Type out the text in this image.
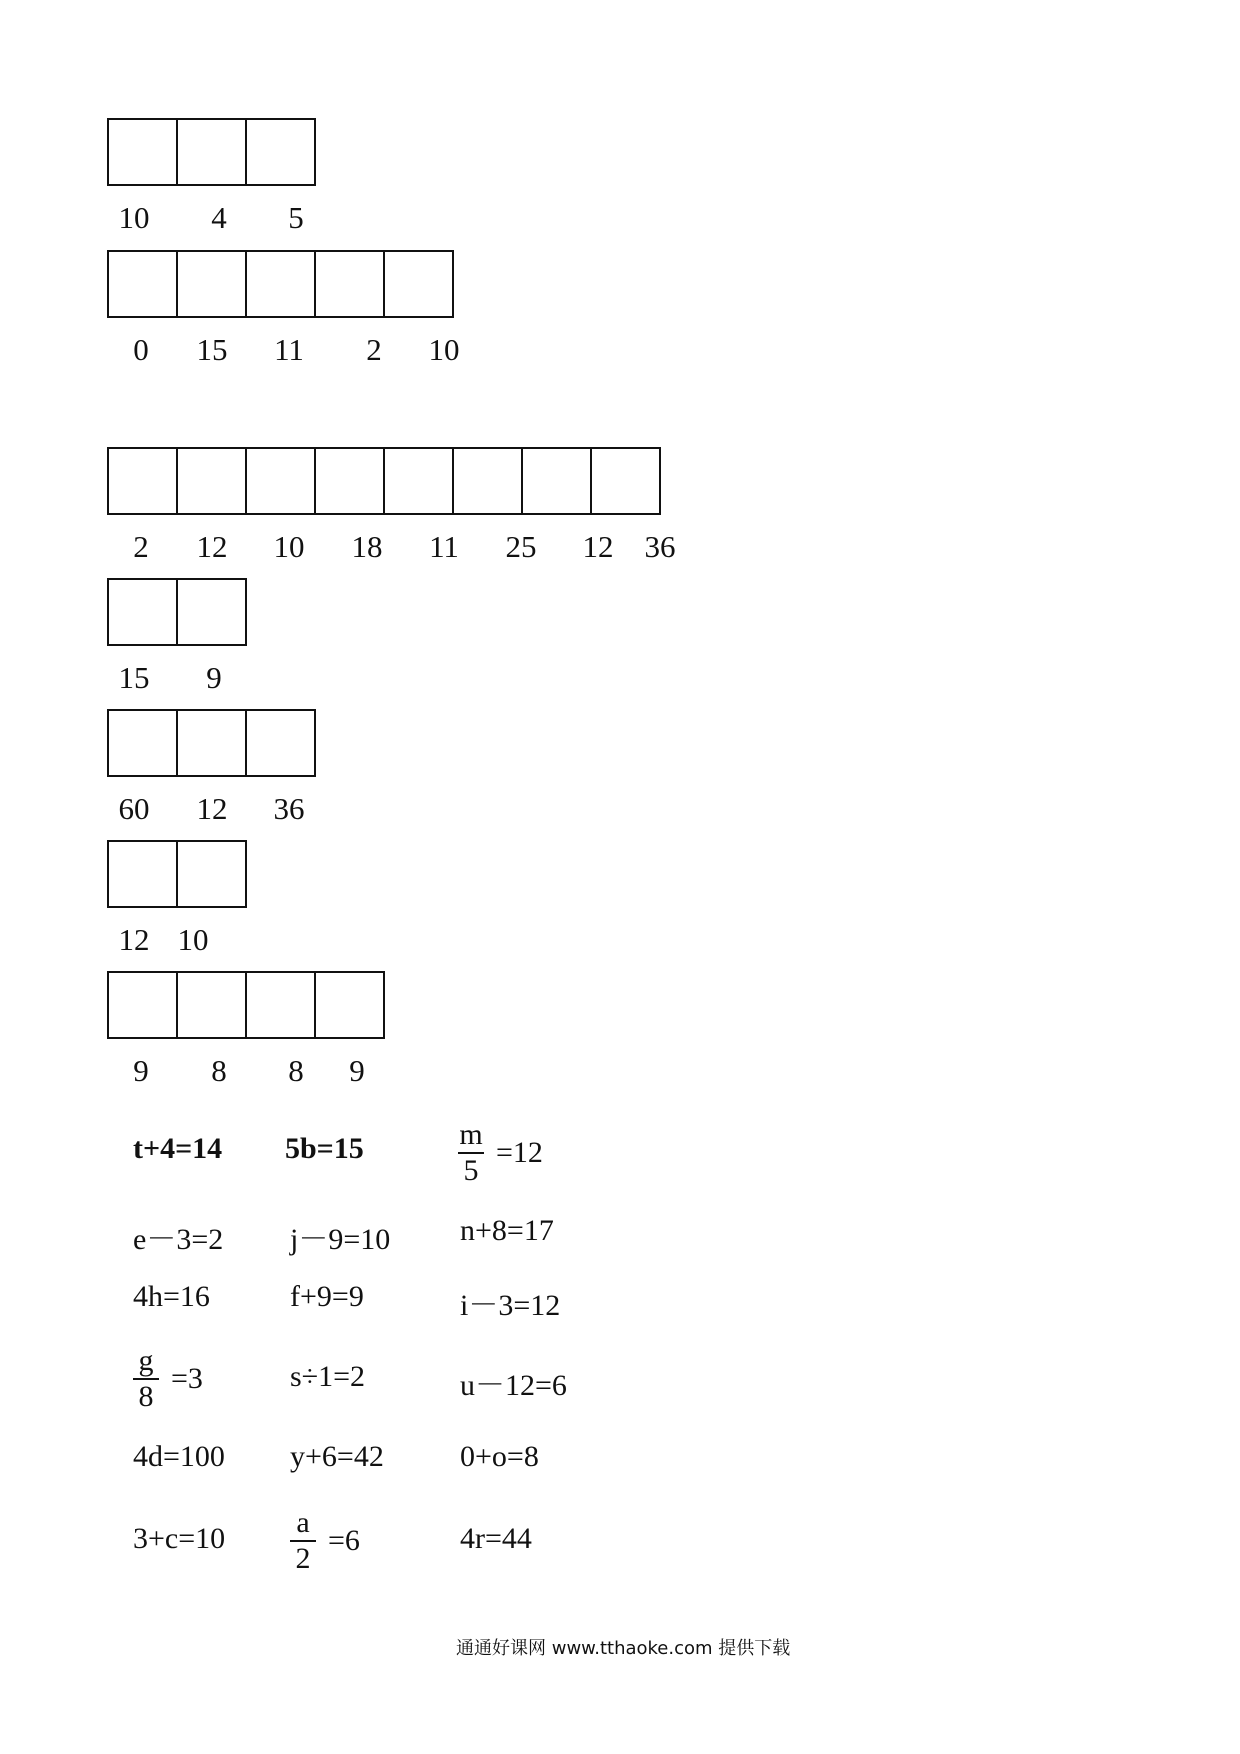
10 4 5
0 15 11 2 10
2 12 10 18 11 25 12 36
15 9
60 12 36
12 10
9 8 8 9
t+4=14 5b=15	$\frac{m}{5} =12$
e－3=2 j－9=10 n+8=17
4h=16	f+9=9	i－3=12
$\frac{g}{8} =3$	s÷1=2	u－12=6
4d=100 y+6=42	0+o=8
$3+c=10 \frac{a}{2} =6$	4r=44
通通好课网 www.tthaoke.com 提供下载
